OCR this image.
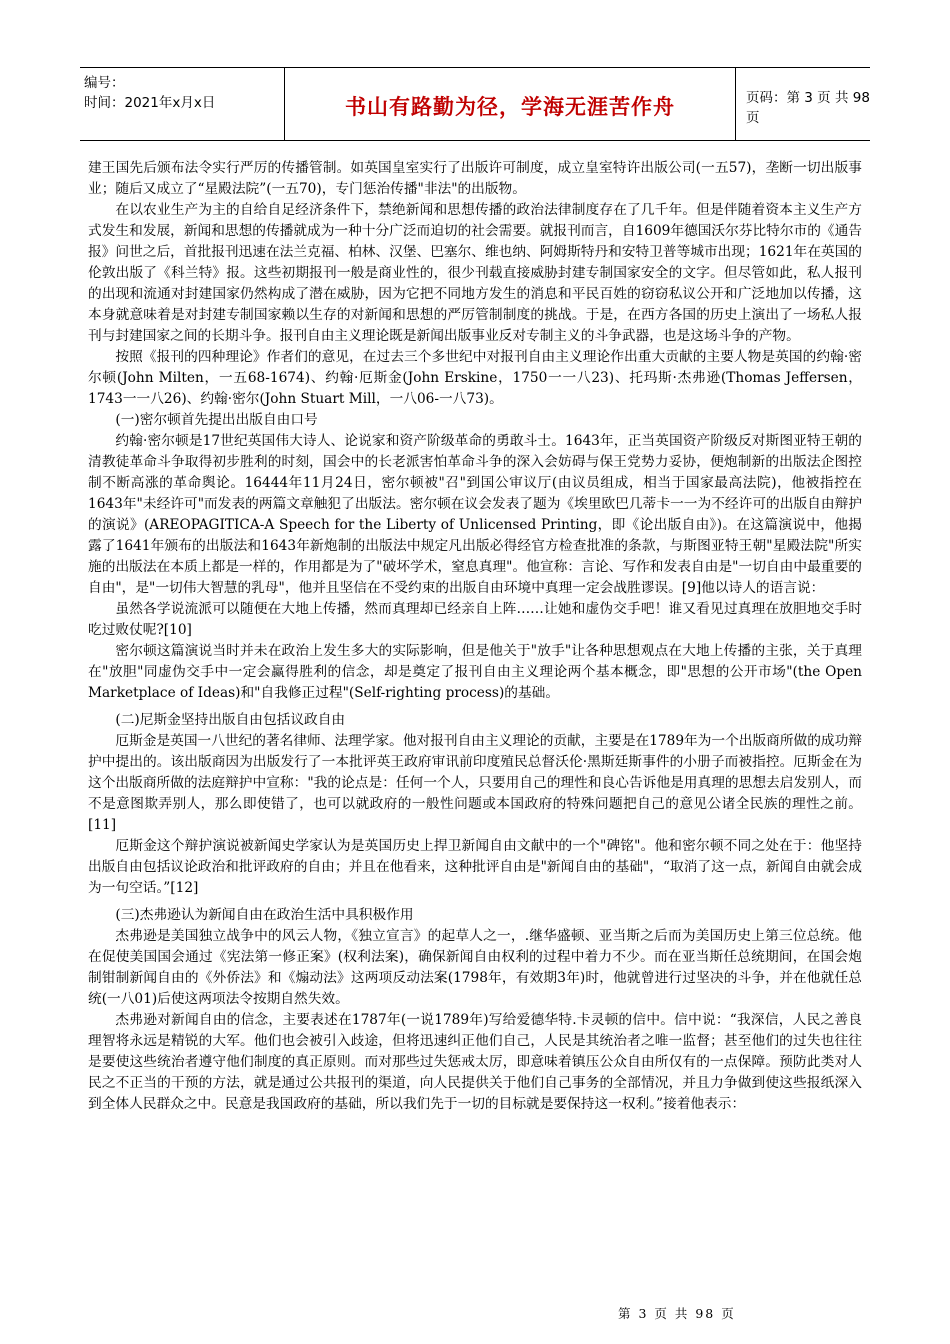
编号：
时间：2021年x月x日	书山有路勤为径，学海无涯苦作舟	页码：第 3 页 共 98 页

建王国先后颁布法令实行严厉的传播管制。如英国皇室实行了出版许可制度，成立皇室特许出版公司(一五57)，垄断一切出版事业；随后又成立了“星殿法院”(一五70)，专门惩治传播"非法"的出版物。

在以农业生产为主的自给自足经济条件下，禁绝新闻和思想传播的政治法律制度存在了几千年。但是伴随着资本主义生产方式发生和发展，新闻和思想的传播就成为一种十分广泛而迫切的社会需要。就报刊而言，自1609年德国沃尔芬比特尔市的《通告报》问世之后，首批报刊迅速在法兰克福、柏林、汉堡、巴塞尔、维也纳、阿姆斯特丹和安特卫普等城市出现；1621年在英国的伦敦出版了《科兰特》报。这些初期报刊一般是商业性的，很少刊载直接威胁封建专制国家安全的文字。但尽管如此，私人报刊的出现和流通对封建国家仍然构成了潜在威胁，因为它把不同地方发生的消息和平民百姓的窃窃私议公开和广泛地加以传播，这本身就意味着是对封建专制国家赖以生存的对新闻和思想的严厉管制制度的挑战。于是，在西方各国的历史上演出了一场私人报刊与封建国家之间的长期斗争。报刊自由主义理论既是新闻出版事业反对专制主义的斗争武器，也是这场斗争的产物。

按照《报刊的四种理论》作者们的意见，在过去三个多世纪中对报刊自由主义理论作出重大贡献的主要人物是英国的约翰·密尔顿(John Milten，一五68-1674)、约翰·厄斯金(John Erskine，1750一一八23)、托玛斯·杰弗逊(Thomas Jeffersen，1743一一八26)、约翰·密尔(John Stuart Mill，一八06-一八73)。

(一)密尔顿首先提出出版自由口号

约翰·密尔顿是17世纪英国伟大诗人、论说家和资产阶级革命的勇敢斗士。1643年，正当英国资产阶级反对斯图亚特王朝的清教徒革命斗争取得初步胜利的时刻，国会中的长老派害怕革命斗争的深入会妨碍与保王党势力妥协，便炮制新的出版法企图控制不断高涨的革命舆论。16444年11月24日，密尔顿被"召"到国公审议厅(由议员组成，相当于国家最高法院)，他被指控在1643年"未经许可"而发表的两篇文章触犯了出版法。密尔顿在议会发表了题为《埃里欧巴几蒂卡一一为不经许可的出版自由辩护的演说》(AREOPAGITICA-A Speech for the Liberty of Unlicensed Printing，即《论出版自由》)。在这篇演说中，他揭露了1641年颁布的出版法和1643年新炮制的出版法中规定凡出版必得经官方检查批准的条款，与斯图亚特王朝"星殿法院"所实施的出版法在本质上都是一样的，作用都是为了"破坏学术，窒息真理"。他宣称：言论、写作和发表自由是"一切自由中最重要的自由"，是"一切伟大智慧的乳母"，他并且坚信在不受约束的出版自由环境中真理一定会战胜谬误。[9]他以诗人的语言说：

虽然各学说流派可以随便在大地上传播，然而真理却已经亲自上阵……让她和虚伪交手吧！谁又看见过真理在放胆地交手时吃过败仗呢?[10]

密尔顿这篇演说当时并未在政治上发生多大的实际影响，但是他关于"放手"让各种思想观点在大地上传播的主张，关于真理在"放胆"同虚伪交手中一定会赢得胜利的信念，却是奠定了报刊自由主义理论两个基本概念，即"思想的公开市场"(the Open Marketplace of Ideas)和"自我修正过程"(Self-righting process)的基础。

(二)尼斯金坚持出版自由包括议政自由

厄斯金是英国一八世纪的著名律师、法理学家。他对报刊自由主义理论的贡献，主要是在1789年为一个出版商所做的成功辩护中提出的。该出版商因为出版发行了一本批评英王政府审讯前印度殖民总督沃伦·黑斯廷斯事件的小册子而被指控。厄斯金在为这个出版商所做的法庭辩护中宣称："我的论点是：任何一个人，只要用自己的理性和良心告诉他是用真理的思想去启发别人，而不是意图欺弄别人，那么即使错了，也可以就政府的一般性问题或本国政府的特殊问题把自己的意见公诸全民族的理性之前。[11]

厄斯金这个辩护演说被新闻史学家认为是英国历史上捍卫新闻自由文献中的一个"碑铭"。他和密尔顿不同之处在于：他坚持出版自由包括议论政治和批评政府的自由；并且在他看来，这种批评自由是"新闻自由的基础"，“取消了这一点，新闻自由就会成为一句空话。”[12]

(三)杰弗逊认为新闻自由在政治生活中具积极作用

杰弗逊是美国独立战争中的风云人物，《独立宣言》的起草人之一，.继华盛顿、亚当斯之后而为美国历史上第三位总统。他在促使美国国会通过《宪法第一修正案》(权利法案)，确保新闻自由权利的过程中着力不少。而在亚当斯任总统期间，在国会炮制钳制新闻自由的《外侨法》和《煽动法》这两项反动法案(1798年，有效期3年)时，他就曾进行过坚决的斗争，并在他就任总统(一八01)后使这两项法令按期自然失效。

杰弗逊对新闻自由的信念，主要表述在1787年(一说1789年)写给爱德华特.卡灵顿的信中。信中说：“我深信，人民之善良理智将永远是精锐的大军。他们也会被引入歧途，但将迅速纠正他们自己，人民是其统治者之唯一监督；甚至他们的过失也往往是要使这些统治者遵守他们制度的真正原则。而对那些过失惩戒太厉，即意味着镇压公众自由所仅有的一点保障。预防此类对人民之不正当的干预的方法，就是通过公共报刊的渠道，向人民提供关于他们自己事务的全部情况，并且力争做到使这些报纸深入到全体人民群众之中。民意是我国政府的基础，所以我们先于一切的目标就是要保持这一权利。”接着他表示：

第 3 页 共 98 页
